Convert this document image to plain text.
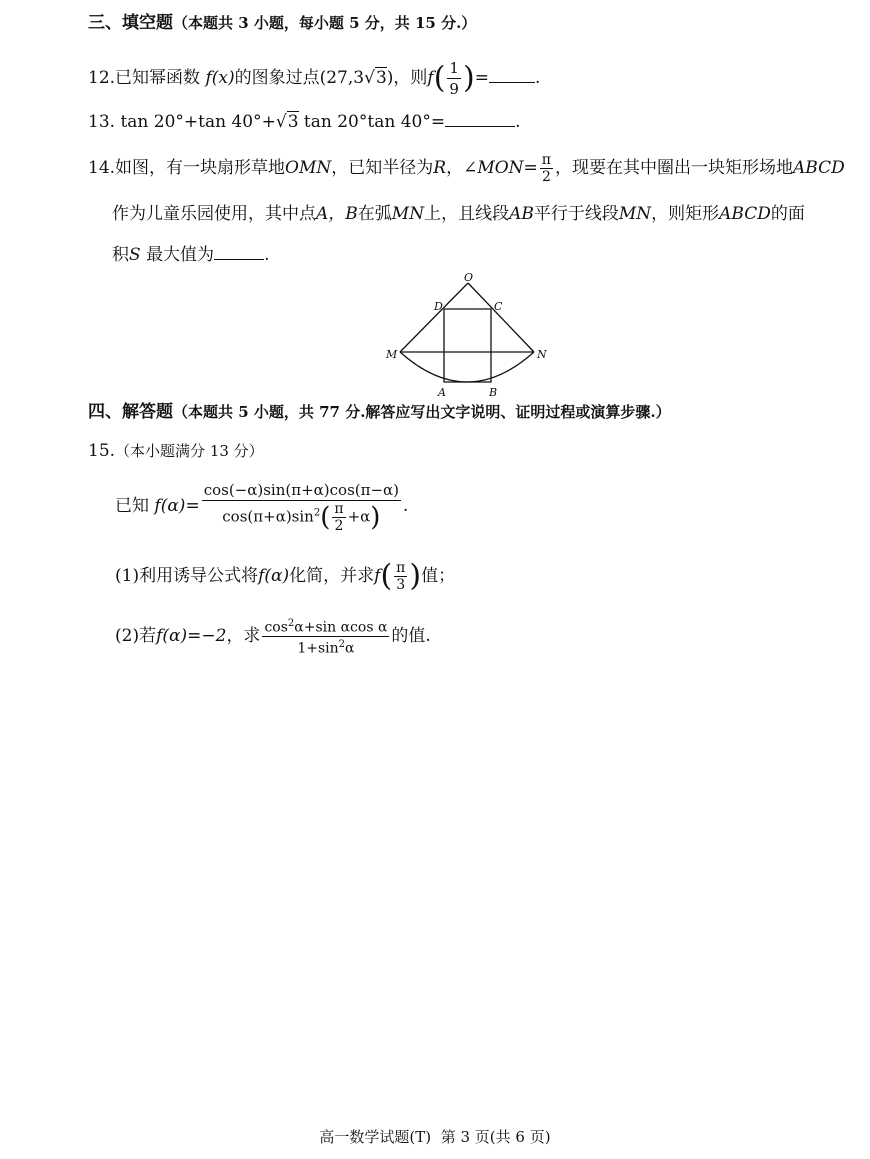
三、填空题（本题共 3 小题，每小题 5 分，共 15 分.）
12.已知幂函数 f(x)的图象过点(27,3√3)，则$f( \frac{1}{9}$ )=	.
13. tan 20°+tan 40°+√3 tan 20°tan 40°=	.
14.如图，有一块扇形草地OMN，已知半径为R，∠MON= $\frac{\pi}{2}$ ，现要在其中圈出一块矩形场地ABCD
作为儿童乐园使用，其中点A，B在弧MN上，且线段AB平行于线段MN，则矩形ABCD的面
积S 最大值为	.
O
D	C
M	N
A	B
四、解答题（本题共 5 小题，共 77 分.解答应写出文字说明、证明过程或演算步骤.）
15.（本小题满分 13 分）
已知 $f(\alpha)= \frac{\cos(-\alpha)\sin(\pi+\alpha)\cos(\pi-\alpha)}{\cos(\pi+\alpha)\sin^2( \frac{\pi}{2} +\alpha)}$ .
(1)利用诱导公式将f(α)化简，并求$f( \frac{\pi}{3}$ )值；
(2)若f(α)=−2，求 $\frac{\cos^2\alpha+\sin \alpha\cos \alpha}{1+\sin^2\alpha}$ 的值.
高一数学试题(T) 第 3 页(共 6 页)
